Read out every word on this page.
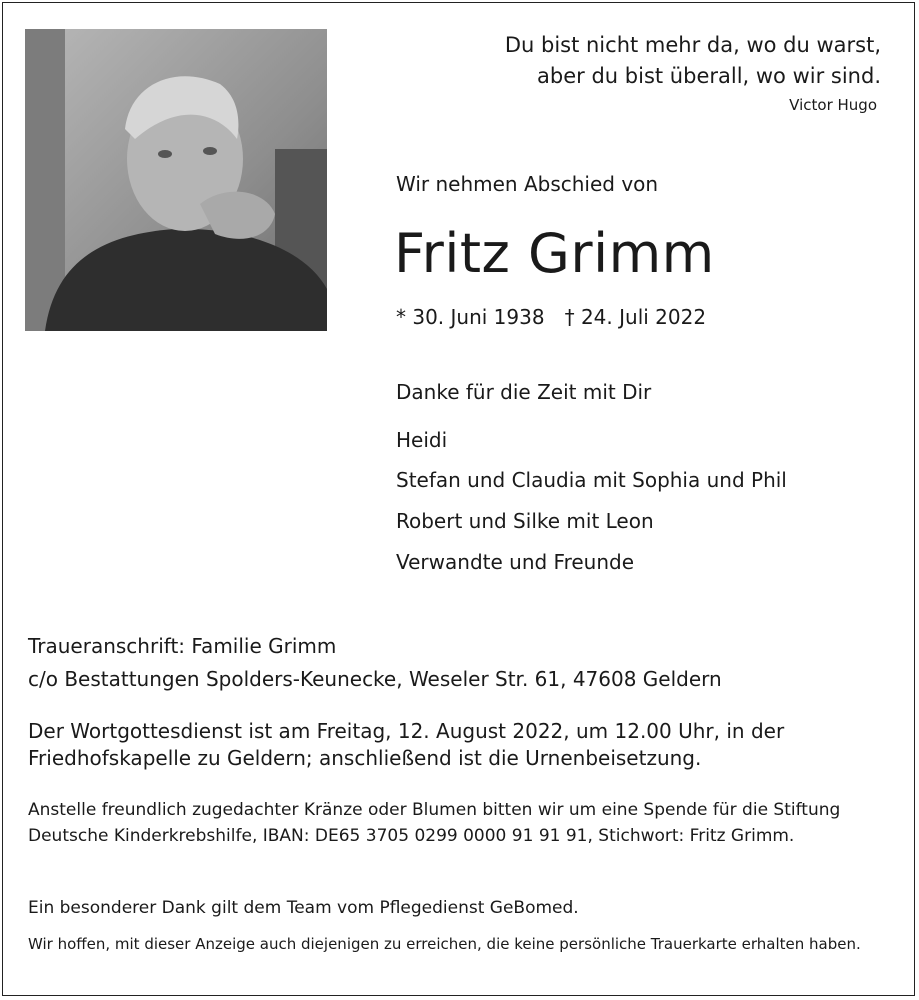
Du bist nicht mehr da, wo du warst,
aber du bist überall, wo wir sind.
Victor Hugo
Wir nehmen Abschied von
Fritz Grimm
* 30. Juni 1938 † 24. Juli 2022
Danke für die Zeit mit Dir
Heidi
Stefan und Claudia mit Sophia und Phil
Robert und Silke mit Leon
Verwandte und Freunde
Traueranschrift: Familie Grimm
c/o Bestattungen Spolders-Keunecke, Weseler Str. 61, 47608 Geldern
Der Wortgottesdienst ist am Freitag, 12. August 2022, um 12.00 Uhr, in der Friedhofskapelle zu Geldern; anschließend ist die Urnenbeisetzung.
Anstelle freundlich zugedachter Kränze oder Blumen bitten wir um eine Spende für die Stiftung Deutsche Kinderkrebshilfe, IBAN: DE65 3705 0299 0000 91 91 91, Stichwort: Fritz Grimm.
Ein besonderer Dank gilt dem Team vom Pflegedienst GeBomed.
Wir hoffen, mit dieser Anzeige auch diejenigen zu erreichen, die keine persönliche Trauerkarte erhalten haben.
